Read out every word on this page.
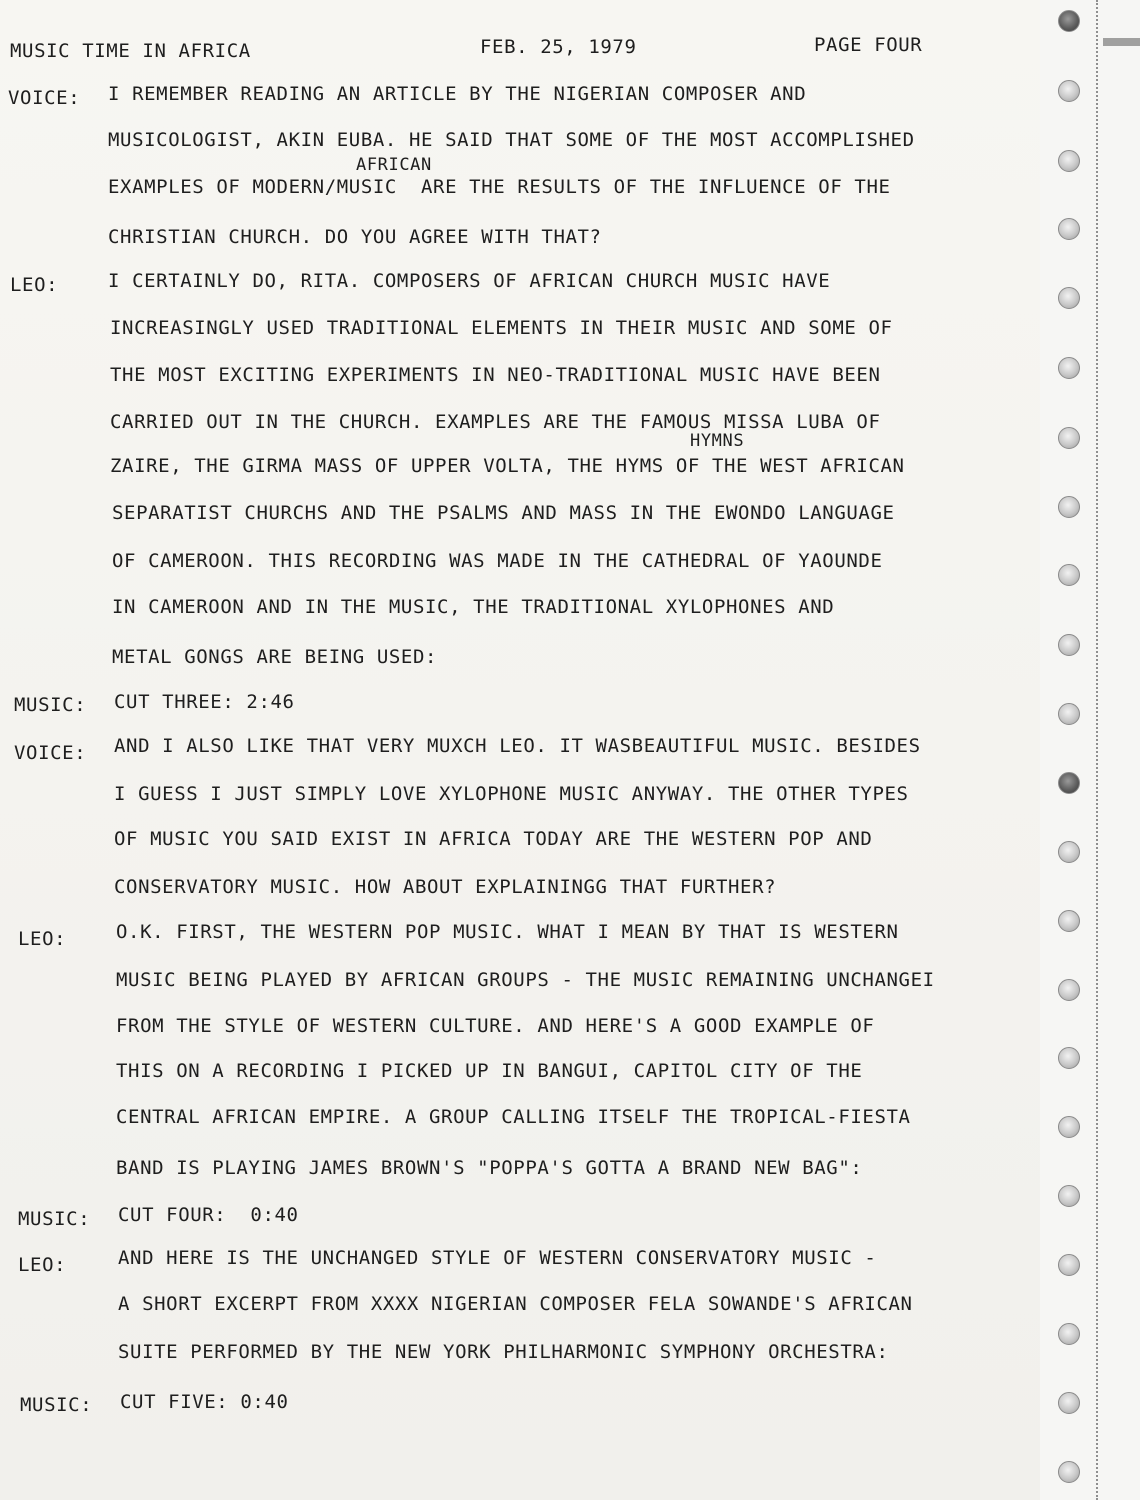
MUSIC TIME IN AFRICA	FEB. 25, 1979	PAGE FOUR
AFRICAN
HYMNS
VOICE: I REMEMBER READING AN ARTICLE BY THE NIGERIAN COMPOSER AND
MUSICOLOGIST, AKIN EUBA. HE SAID THAT SOME OF THE MOST ACCOMPLISHED
EXAMPLES OF MODERN/MUSIC  ARE THE RESULTS OF THE INFLUENCE OF THE
CHRISTIAN CHURCH. DO YOU AGREE WITH THAT?
LEO:	I CERTAINLY DO, RITA. COMPOSERS OF AFRICAN CHURCH MUSIC HAVE
INCREASINGLY USED TRADITIONAL ELEMENTS IN THEIR MUSIC AND SOME OF
THE MOST EXCITING EXPERIMENTS IN NEO-TRADITIONAL MUSIC HAVE BEEN
CARRIED OUT IN THE CHURCH. EXAMPLES ARE THE FAMOUS MISSA LUBA OF
ZAIRE, THE GIRMA MASS OF UPPER VOLTA, THE HYMS OF THE WEST AFRICAN
SEPARATIST CHURCHS AND THE PSALMS AND MASS IN THE EWONDO LANGUAGE
OF CAMEROON. THIS RECORDING WAS MADE IN THE CATHEDRAL OF YAOUNDE
IN CAMEROON AND IN THE MUSIC, THE TRADITIONAL XYLOPHONES AND
METAL GONGS ARE BEING USED:
MUSIC: CUT THREE: 2:46
VOICE: AND I ALSO LIKE THAT VERY MUXCH LEO. IT WASBEAUTIFUL MUSIC. BESIDES
I GUESS I JUST SIMPLY LOVE XYLOPHONE MUSIC ANYWAY. THE OTHER TYPES
OF MUSIC YOU SAID EXIST IN AFRICA TODAY ARE THE WESTERN POP AND
CONSERVATORY MUSIC. HOW ABOUT EXPLAININGG THAT FURTHER?
LEO:	O.K. FIRST, THE WESTERN POP MUSIC. WHAT I MEAN BY THAT IS WESTERN
MUSIC BEING PLAYED BY AFRICAN GROUPS - THE MUSIC REMAINING UNCHANGEI
FROM THE STYLE OF WESTERN CULTURE. AND HERE'S A GOOD EXAMPLE OF
THIS ON A RECORDING I PICKED UP IN BANGUI, CAPITOL CITY OF THE
CENTRAL AFRICAN EMPIRE. A GROUP CALLING ITSELF THE TROPICAL-FIESTA
BAND IS PLAYING JAMES BROWN'S "POPPA'S GOTTA A BRAND NEW BAG":
MUSIC: CUT FOUR:  0:40
LEO:	AND HERE IS THE UNCHANGED STYLE OF WESTERN CONSERVATORY MUSIC -
A SHORT EXCERPT FROM XXXX NIGERIAN COMPOSER FELA SOWANDE'S AFRICAN
SUITE PERFORMED BY THE NEW YORK PHILHARMONIC SYMPHONY ORCHESTRA:
MUSIC: CUT FIVE: 0:40
